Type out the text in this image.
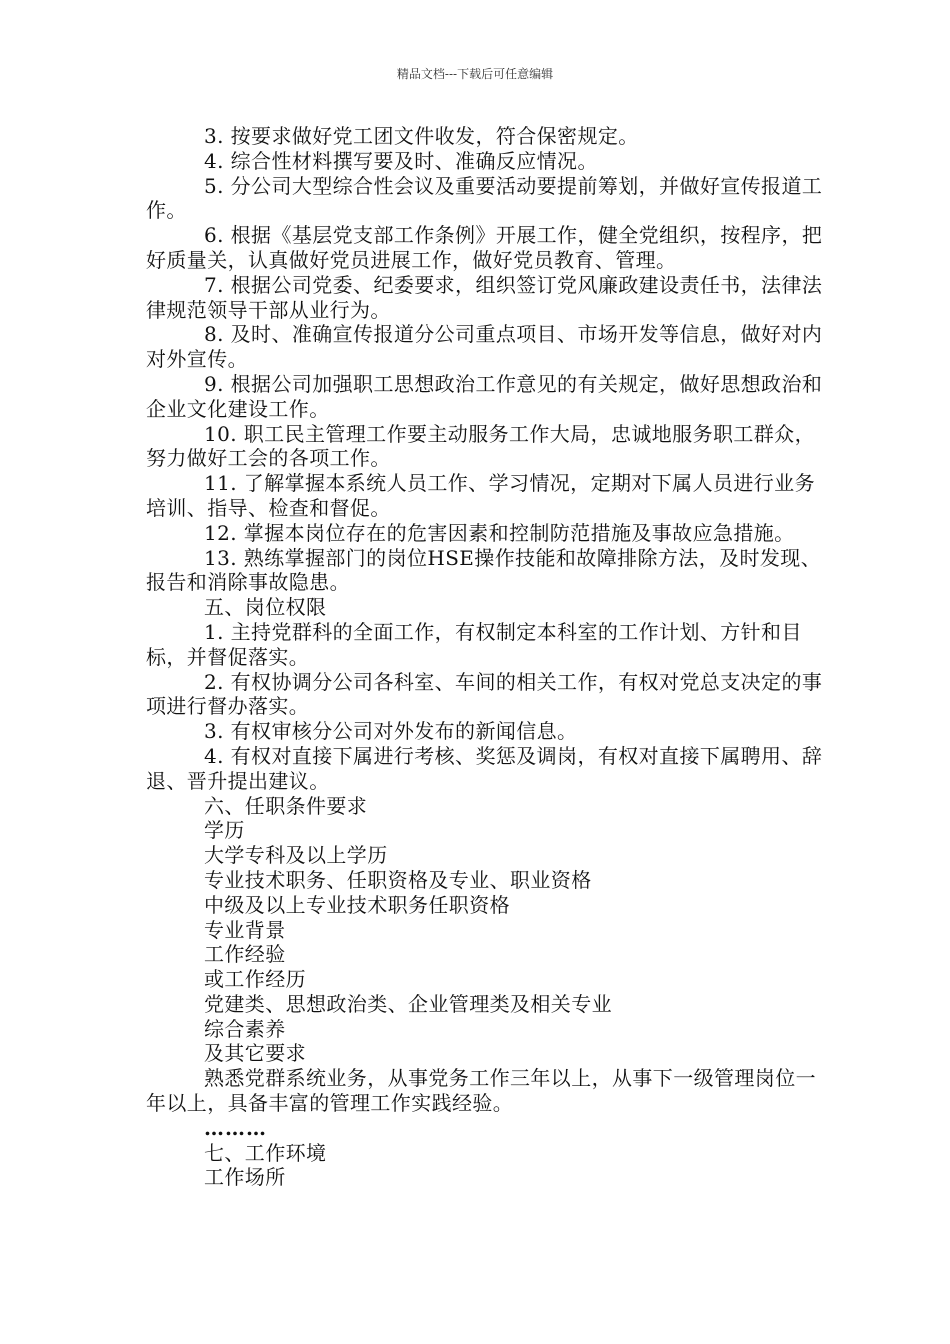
精品文档---下载后可任意编辑

3. 按要求做好党工团文件收发，符合保密规定。

4. 综合性材料撰写要及时、准确反应情况。

5. 分公司大型综合性会议及重要活动要提前筹划，并做好宣传报道工作。

6. 根据《基层党支部工作条例》开展工作，健全党组织，按程序，把好质量关，认真做好党员进展工作，做好党员教育、管理。

7. 根据公司党委、纪委要求，组织签订党风廉政建设责任书，法律法律规范领导干部从业行为。

8. 及时、准确宣传报道分公司重点项目、市场开发等信息，做好对内对外宣传。

9. 根据公司加强职工思想政治工作意见的有关规定，做好思想政治和企业文化建设工作。

10. 职工民主管理工作要主动服务工作大局，忠诚地服务职工群众，努力做好工会的各项工作。

11. 了解掌握本系统人员工作、学习情况，定期对下属人员进行业务培训、指导、检查和督促。

12. 掌握本岗位存在的危害因素和控制防范措施及事故应急措施。

13. 熟练掌握部门的岗位HSE操作技能和故障排除方法，及时发现、报告和消除事故隐患。

五、岗位权限

1. 主持党群科的全面工作，有权制定本科室的工作计划、方针和目标，并督促落实。

2. 有权协调分公司各科室、车间的相关工作，有权对党总支决定的事项进行督办落实。

3. 有权审核分公司对外发布的新闻信息。

4. 有权对直接下属进行考核、奖惩及调岗，有权对直接下属聘用、辞退、晋升提出建议。

六、任职条件要求

学历

大学专科及以上学历

专业技术职务、任职资格及专业、职业资格

中级及以上专业技术职务任职资格

专业背景

工作经验

或工作经历

党建类、思想政治类、企业管理类及相关专业

综合素养

及其它要求

熟悉党群系统业务，从事党务工作三年以上，从事下一级管理岗位一年以上，具备丰富的管理工作实践经验。

………

七、工作环境

工作场所
